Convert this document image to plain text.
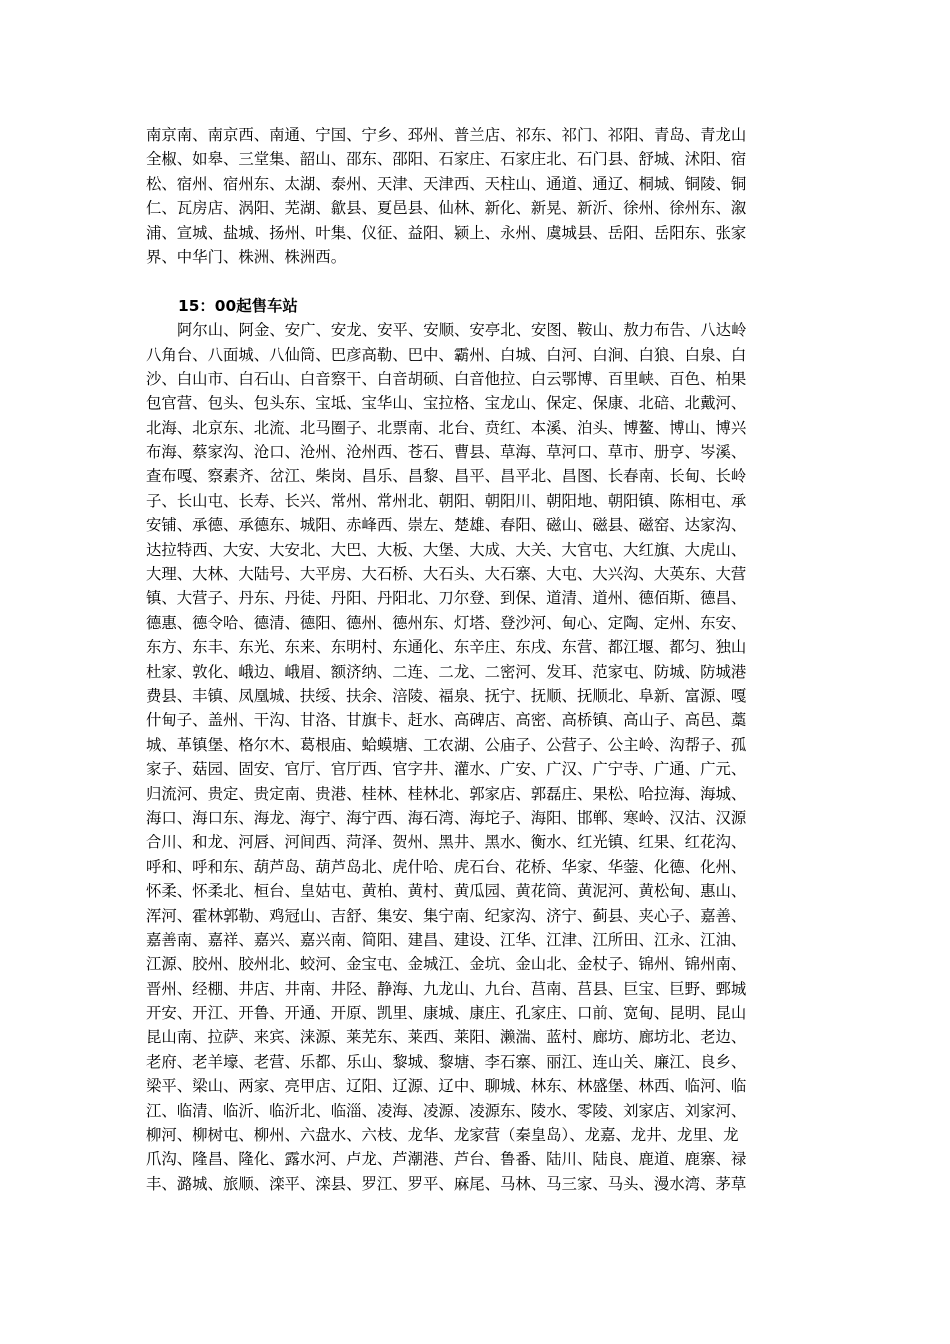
南京南、南京西、南通、宁国、宁乡、邳州、普兰店、祁东、祁门、祁阳、青岛、青龙山
全椒、如皋、三堂集、韶山、邵东、邵阳、石家庄、石家庄北、石门县、舒城、沭阳、宿
松、宿州、宿州东、太湖、泰州、天津、天津西、天柱山、通道、通辽、桐城、铜陵、铜
仁、瓦房店、涡阳、芜湖、歙县、夏邑县、仙林、新化、新晃、新沂、徐州、徐州东、溆
浦、宣城、盐城、扬州、叶集、仪征、益阳、颍上、永州、虞城县、岳阳、岳阳东、张家
界、中华门、株洲、株洲西。
15：00起售车站
阿尔山、阿金、安广、安龙、安平、安顺、安亭北、安图、鞍山、敖力布告、八达岭
八角台、八面城、八仙筒、巴彦高勒、巴中、霸州、白城、白河、白涧、白狼、白泉、白
沙、白山市、白石山、白音察干、白音胡硕、白音他拉、白云鄂博、百里峡、百色、柏果
包官营、包头、包头东、宝坻、宝华山、宝拉格、宝龙山、保定、保康、北碚、北戴河、
北海、北京东、北流、北马圈子、北票南、北台、贲红、本溪、泊头、博鳌、博山、博兴
布海、蔡家沟、沧口、沧州、沧州西、苍石、曹县、草海、草河口、草市、册亨、岑溪、
查布嘎、察素齐、岔江、柴岗、昌乐、昌黎、昌平、昌平北、昌图、长春南、长甸、长岭
子、长山屯、长寿、长兴、常州、常州北、朝阳、朝阳川、朝阳地、朝阳镇、陈相屯、承
安铺、承德、承德东、城阳、赤峰西、崇左、楚雄、春阳、磁山、磁县、磁窑、达家沟、
达拉特西、大安、大安北、大巴、大板、大堡、大成、大关、大官屯、大红旗、大虎山、
大理、大林、大陆号、大平房、大石桥、大石头、大石寨、大屯、大兴沟、大英东、大营
镇、大营子、丹东、丹徒、丹阳、丹阳北、刀尔登、到保、道清、道州、德佰斯、德昌、
德惠、德令哈、德清、德阳、德州、德州东、灯塔、登沙河、甸心、定陶、定州、东安、
东方、东丰、东光、东来、东明村、东通化、东辛庄、东戌、东营、都江堰、都匀、独山
杜家、敦化、峨边、峨眉、额济纳、二连、二龙、二密河、发耳、范家屯、防城、防城港
费县、丰镇、凤凰城、扶绥、扶余、涪陵、福泉、抚宁、抚顺、抚顺北、阜新、富源、嘎
什甸子、盖州、干沟、甘洛、甘旗卡、赶水、高碑店、高密、高桥镇、高山子、高邑、藁
城、革镇堡、格尔木、葛根庙、蛤蟆塘、工农湖、公庙子、公营子、公主岭、沟帮子、孤
家子、菇园、固安、官厅、官厅西、官字井、灌水、广安、广汉、广宁寺、广通、广元、
归流河、贵定、贵定南、贵港、桂林、桂林北、郭家店、郭磊庄、果松、哈拉海、海城、
海口、海口东、海龙、海宁、海宁西、海石湾、海坨子、海阳、邯郸、寒岭、汉沽、汉源
合川、和龙、河唇、河间西、菏泽、贺州、黑井、黑水、衡水、红光镇、红果、红花沟、
呼和、呼和东、葫芦岛、葫芦岛北、虎什哈、虎石台、花桥、华家、华蓥、化德、化州、
怀柔、怀柔北、桓台、皇姑屯、黄柏、黄村、黄瓜园、黄花筒、黄泥河、黄松甸、惠山、
浑河、霍林郭勒、鸡冠山、吉舒、集安、集宁南、纪家沟、济宁、蓟县、夹心子、嘉善、
嘉善南、嘉祥、嘉兴、嘉兴南、简阳、建昌、建设、江华、江津、江所田、江永、江油、
江源、胶州、胶州北、蛟河、金宝屯、金城江、金坑、金山北、金杖子、锦州、锦州南、
晋州、经棚、井店、井南、井陉、静海、九龙山、九台、莒南、莒县、巨宝、巨野、鄄城
开安、开江、开鲁、开通、开原、凯里、康城、康庄、孔家庄、口前、宽甸、昆明、昆山
昆山南、拉萨、来宾、涞源、莱芜东、莱西、莱阳、濑湍、蓝村、廊坊、廊坊北、老边、
老府、老羊壕、老营、乐都、乐山、黎城、黎塘、李石寨、丽江、连山关、廉江、良乡、
梁平、梁山、两家、亮甲店、辽阳、辽源、辽中、聊城、林东、林盛堡、林西、临河、临
江、临清、临沂、临沂北、临淄、凌海、凌源、凌源东、陵水、零陵、刘家店、刘家河、
柳河、柳树屯、柳州、六盘水、六枝、龙华、龙家营（秦皇岛）、龙嘉、龙井、龙里、龙
爪沟、隆昌、隆化、露水河、卢龙、芦潮港、芦台、鲁番、陆川、陆良、鹿道、鹿寨、禄
丰、潞城、旅顺、滦平、滦县、罗江、罗平、麻尾、马林、马三家、马头、漫水湾、茅草
